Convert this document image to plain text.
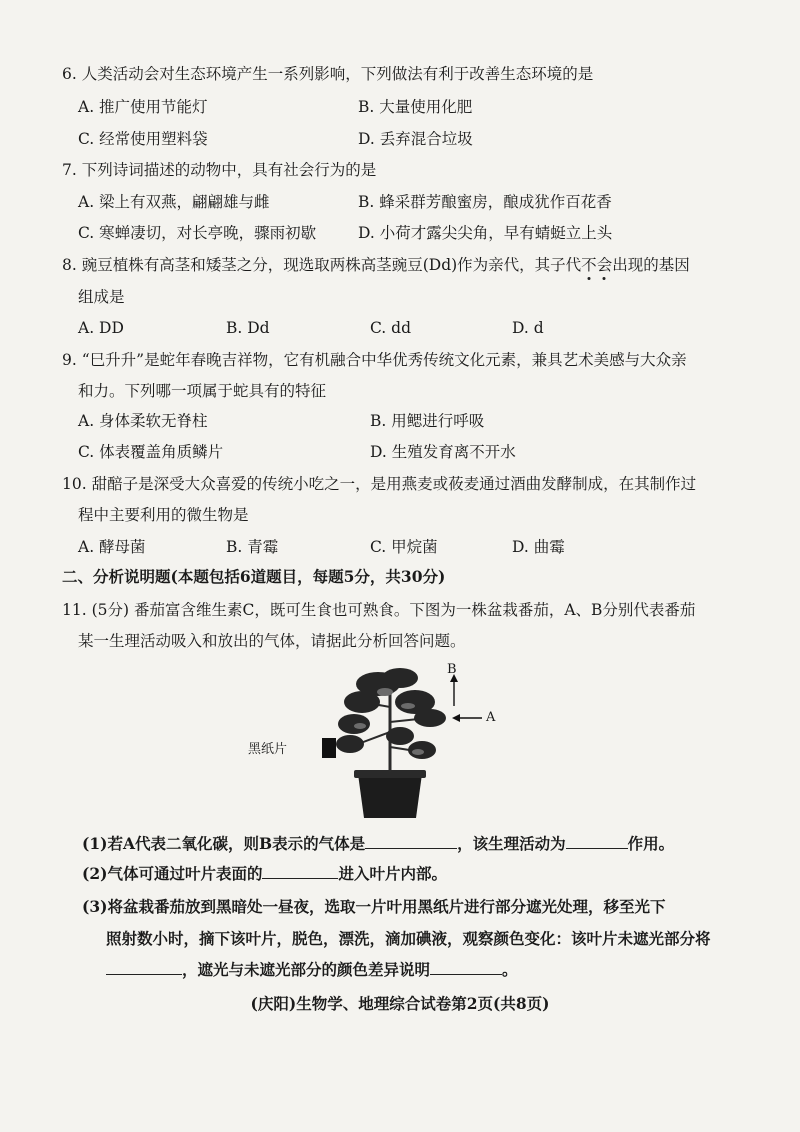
6. 人类活动会对生态环境产生一系列影响，下列做法有利于改善生态环境的是
A. 推广使用节能灯	B. 大量使用化肥
C. 经常使用塑料袋	D. 丢弃混合垃圾
7. 下列诗词描述的动物中，具有社会行为的是
A. 梁上有双燕，翩翩雄与雌	B. 蜂采群芳酿蜜房，酿成犹作百花香
C. 寒蝉凄切，对长亭晚，骤雨初歇	D. 小荷才露尖尖角，早有蜻蜓立上头
8. 豌豆植株有高茎和矮茎之分，现选取两株高茎豌豆(Dd)作为亲代，其子代不会出现的基因
组成是
A. DD	B. Dd	C. dd	D. d
9. “巳升升”是蛇年春晚吉祥物，它有机融合中华优秀传统文化元素，兼具艺术美感与大众亲
和力。下列哪一项属于蛇具有的特征
A. 身体柔软无脊柱	B. 用鳃进行呼吸
C. 体表覆盖角质鳞片	D. 生殖发育离不开水
10. 甜醅子是深受大众喜爱的传统小吃之一，是用燕麦或莜麦通过酒曲发酵制成，在其制作过
程中主要利用的微生物是
A. 酵母菌	B. 青霉	C. 甲烷菌	D. 曲霉
二、分析说明题(本题包括6道题目，每题5分，共30分)
11. (5分) 番茄富含维生素C，既可生食也可熟食。下图为一株盆栽番茄，A、B分别代表番茄
某一生理活动吸入和放出的气体，请据此分析回答问题。
黑纸片
B
A
(1)若A代表二氧化碳，则B表示的气体是	，该生理活动为	作用。
(2)气体可通过叶片表面的	进入叶片内部。
(3)将盆栽番茄放到黑暗处一昼夜，选取一片叶用黑纸片进行部分遮光处理，移至光下
照射数小时，摘下该叶片，脱色，漂洗，滴加碘液，观察颜色变化：该叶片未遮光部分将
，遮光与未遮光部分的颜色差异说明	。
(庆阳)生物学、地理综合试卷第2页(共8页)
